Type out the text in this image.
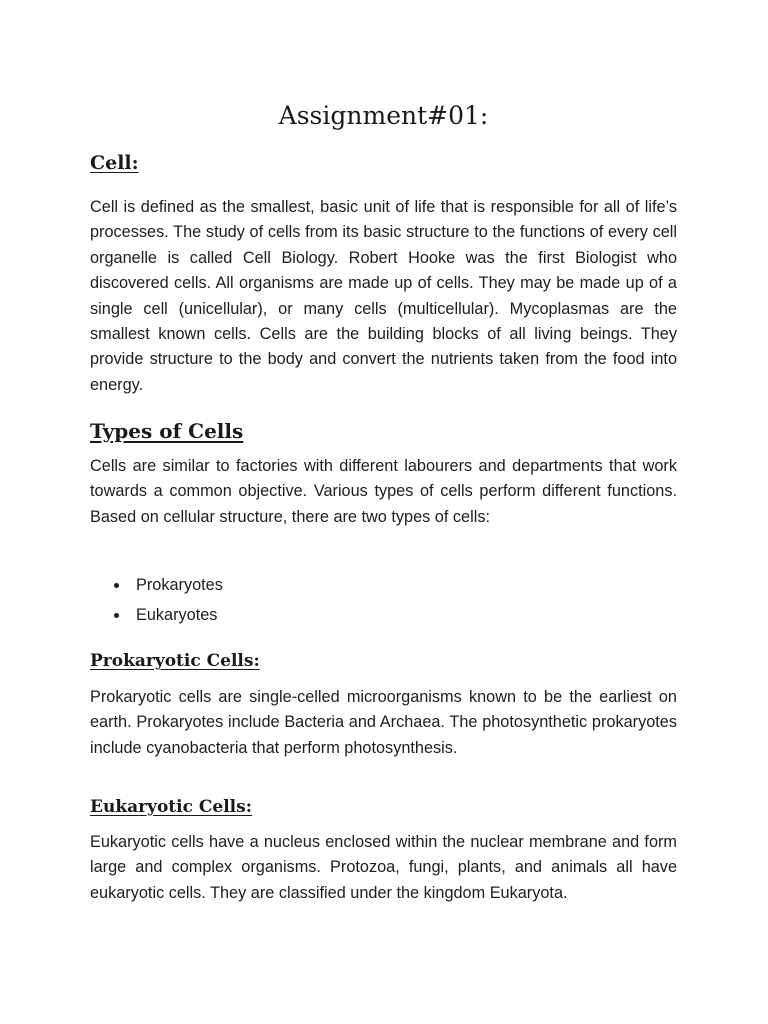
Assignment#01:
Cell:

Cell is defined as the smallest, basic unit of life that is responsible for all of life’s processes. The study of cells from its basic structure to the functions of every cell organelle is called Cell Biology. Robert Hooke was the first Biologist who discovered cells. All organisms are made up of cells. They may be made up of a single cell (unicellular), or many cells (multicellular). Mycoplasmas are the smallest known cells. Cells are the building blocks of all living beings. They provide structure to the body and convert the nutrients taken from the food into energy.

Types of Cells

Cells are similar to factories with different labourers and departments that work towards a common objective. Various types of cells perform different functions. Based on cellular structure, there are two types of cells:

Prokaryotes
Eukaryotes
Prokaryotic Cells:

Prokaryotic cells are single-celled microorganisms known to be the earliest on earth. Prokaryotes include Bacteria and Archaea. The photosynthetic prokaryotes include cyanobacteria that perform photosynthesis.

Eukaryotic Cells:

Eukaryotic cells have a nucleus enclosed within the nuclear membrane and form large and complex organisms. Protozoa, fungi, plants, and animals all have eukaryotic cells. They are classified under the kingdom Eukaryota.
